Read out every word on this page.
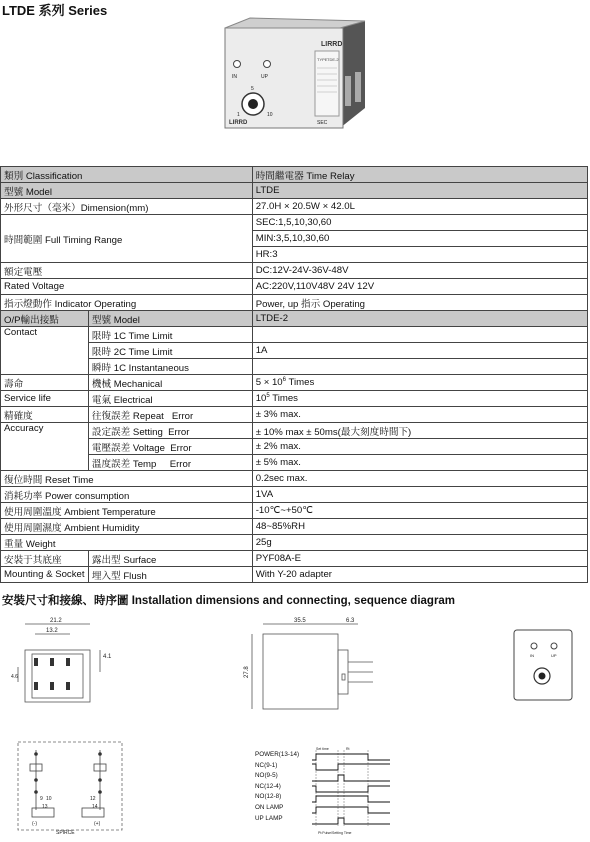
LTDE 系列 Series
LIRRD
IN	UP
1
5
10
LIRRD	SEC
TYPE TDE-2
類別 Classification		時間繼電器 Time Relay
型號 Model		LTDE
外形尺寸（毫米）Dimension(mm)		27.0H × 20.5W × 42.0L
時間範圍 Full Timing Range		SEC:1,5,10,30,60
		MIN:3,5,10,30,60
		HR:3
額定電壓		DC:12V-24V-36V-48V
Rated Voltage		AC:220V,110V48V 24V 12V
指示燈動作 Indicator Operating		Power, up 指示 Operating
O/P輸出接點	型號 Model	LTDE-2
Contact	限時 1C Time Limit	
	限時 2C Time Limit	1A
	瞬時 1C Instantaneous	
壽命	機械 Mechanical	$5 \times 10^6$ Times
Service life	電氣 Electrical	$10^5$ Times
精確度	往復誤差 Repeat   Error	± 3% max.
Accuracy	設定誤差 Setting  Error	± 10% max ± 50ms(最大刻度時間下)
	電壓誤差 Voltage  Error	± 2% max.
	溫度誤差 Temp     Error	± 5% max.
復位時間 Reset Time		0.2sec max.
消耗功率 Power consumption		1VA
使用周圍溫度 Ambient Temperature		-10℃~+50℃
使用周圍濕度 Ambient Humidity		48~85%RH
重量 Weight		25g
安裝于其底座	露出型 Surface	PYF08A-E
Mounting & Socket	埋入型 Flush	With Y-20 adapter
安裝尺寸和接線、時序圖 Installation dimensions and connecting, sequence diagram
21.2
13.2
4.1
4.6
35.5	6.3
27.8
IN	UP
9 10	12
13	14
(-)	(+)
SPIRCE
POWER(13-14)
NC(9-1)
NO(9-5)
NC(12-4)
NO(12-8)
ON LAMP
UP LAMP
Set time	Rt
Pt:Pulse/Setting Time
